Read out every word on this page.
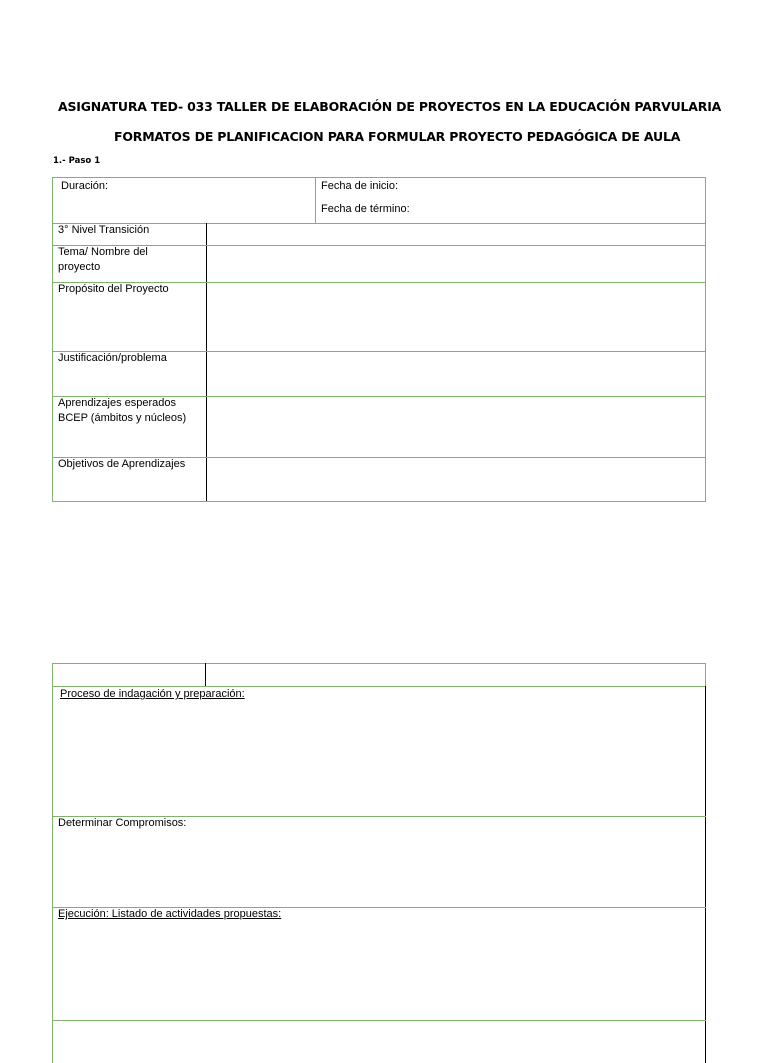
ASIGNATURA TED- 033 TALLER DE ELABORACIÓN DE PROYECTOS EN LA EDUCACIÓN PARVULARIA
FORMATOS DE PLANIFICACION PARA FORMULAR PROYECTO PEDAGÓGICA DE AULA
1.- Paso 1
Duración:	Fecha de inicio:
Fecha de término:
3° Nivel Transición
Tema/ Nombre del proyecto
Propósito del Proyecto
Justificación/problema
Aprendizajes esperados BCEP (ámbitos y núcleos)
Objetivos de Aprendizajes
Proceso de indagación y preparación:
Determinar Compromisos:
Ejecución: Listado de actividades propuestas:
